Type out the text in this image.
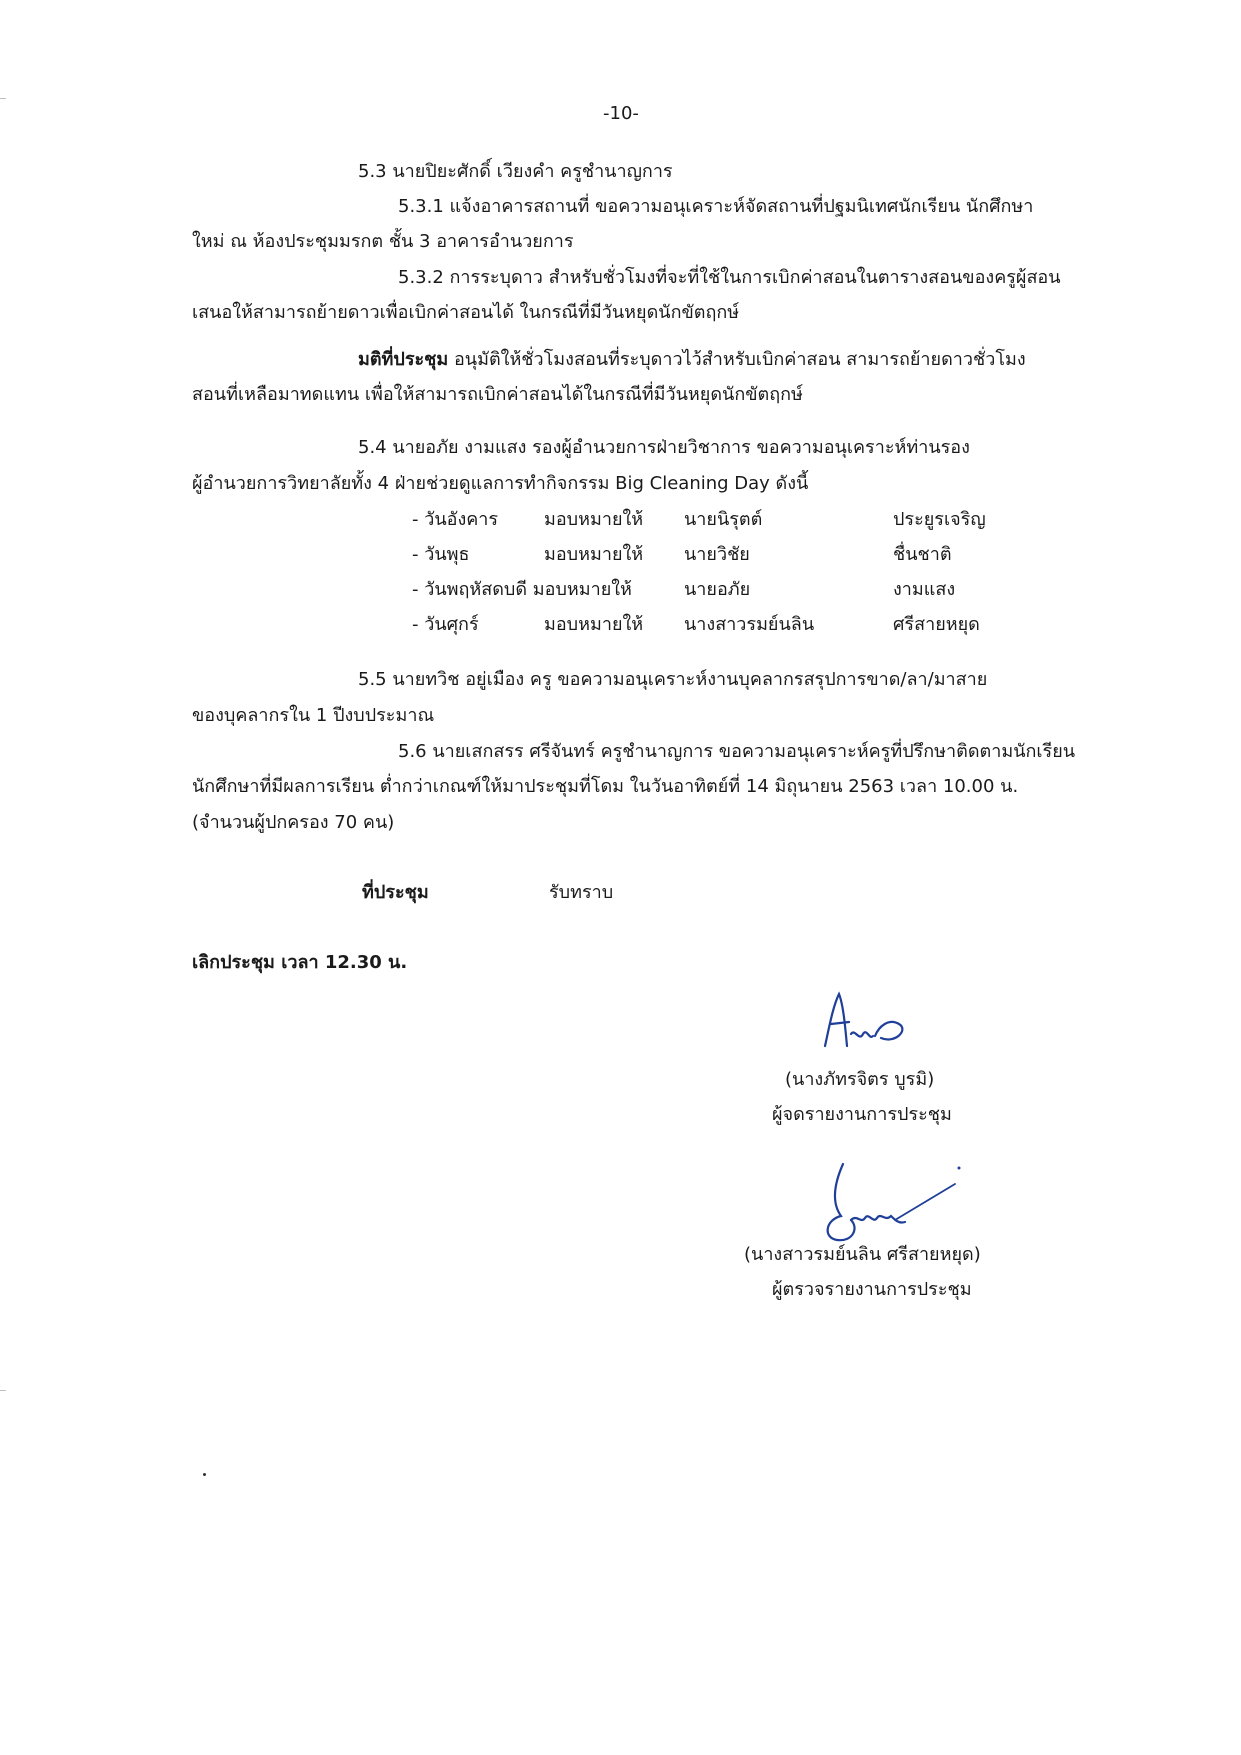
-10-
5.3 นายปิยะศักดิ์ เวียงคำ ครูชำนาญการ
5.3.1 แจ้งอาคารสถานที่ ขอความอนุเคราะห์จัดสถานที่ปฐมนิเทศนักเรียน นักศึกษา
ใหม่ ณ ห้องประชุมมรกต ชั้น 3 อาคารอำนวยการ
5.3.2 การระบุดาว สำหรับชั่วโมงที่จะที่ใช้ในการเบิกค่าสอนในตารางสอนของครูผู้สอน
เสนอให้สามารถย้ายดาวเพื่อเบิกค่าสอนได้ ในกรณีที่มีวันหยุดนักขัตฤกษ์
มติที่ประชุม อนุมัติให้ชั่วโมงสอนที่ระบุดาวไว้สำหรับเบิกค่าสอน สามารถย้ายดาวชั่วโมง
สอนที่เหลือมาทดแทน เพื่อให้สามารถเบิกค่าสอนได้ในกรณีที่มีวันหยุดนักขัตฤกษ์
5.4 นายอภัย งามแสง รองผู้อำนวยการฝ่ายวิชาการ ขอความอนุเคราะห์ท่านรอง
ผู้อำนวยการวิทยาลัยทั้ง 4 ฝ่ายช่วยดูแลการทำกิจกรรม Big Cleaning Day ดังนี้
- วันอังคาร	มอบหมายให้ นายนิรุตต์	ประยูรเจริญ
- วันพุธ	มอบหมายให้ นายวิชัย	ชื่นชาติ
- วันพฤหัสดบดี มอบหมายให้	นายอภัย	งามแสง
- วันศุกร์	มอบหมายให้ นางสาวรมย์นลิน	ศรีสายหยุด
5.5 นายทวิช อยู่เมือง ครู ขอความอนุเคราะห์งานบุคลากรสรุปการขาด/ลา/มาสาย
ของบุคลากรใน 1 ปีงบประมาณ
5.6 นายเสกสรร ศรีจันทร์ ครูชำนาญการ ขอความอนุเคราะห์ครูที่ปรึกษาติดตามนักเรียน
นักศึกษาที่มีผลการเรียน ต่ำกว่าเกณฑ์ให้มาประชุมที่โดม ในวันอาทิตย์ที่ 14 มิถุนายน 2563 เวลา 10.00 น.
(จำนวนผู้ปกครอง 70 คน)
ที่ประชุม	รับทราบ
เลิกประชุม เวลา 12.30 น.
(นางภัทรจิตร บูรมิ)
ผู้จดรายงานการประชุม
(นางสาวรมย์นลิน ศรีสายหยุด)
ผู้ตรวจรายงานการประชุม
